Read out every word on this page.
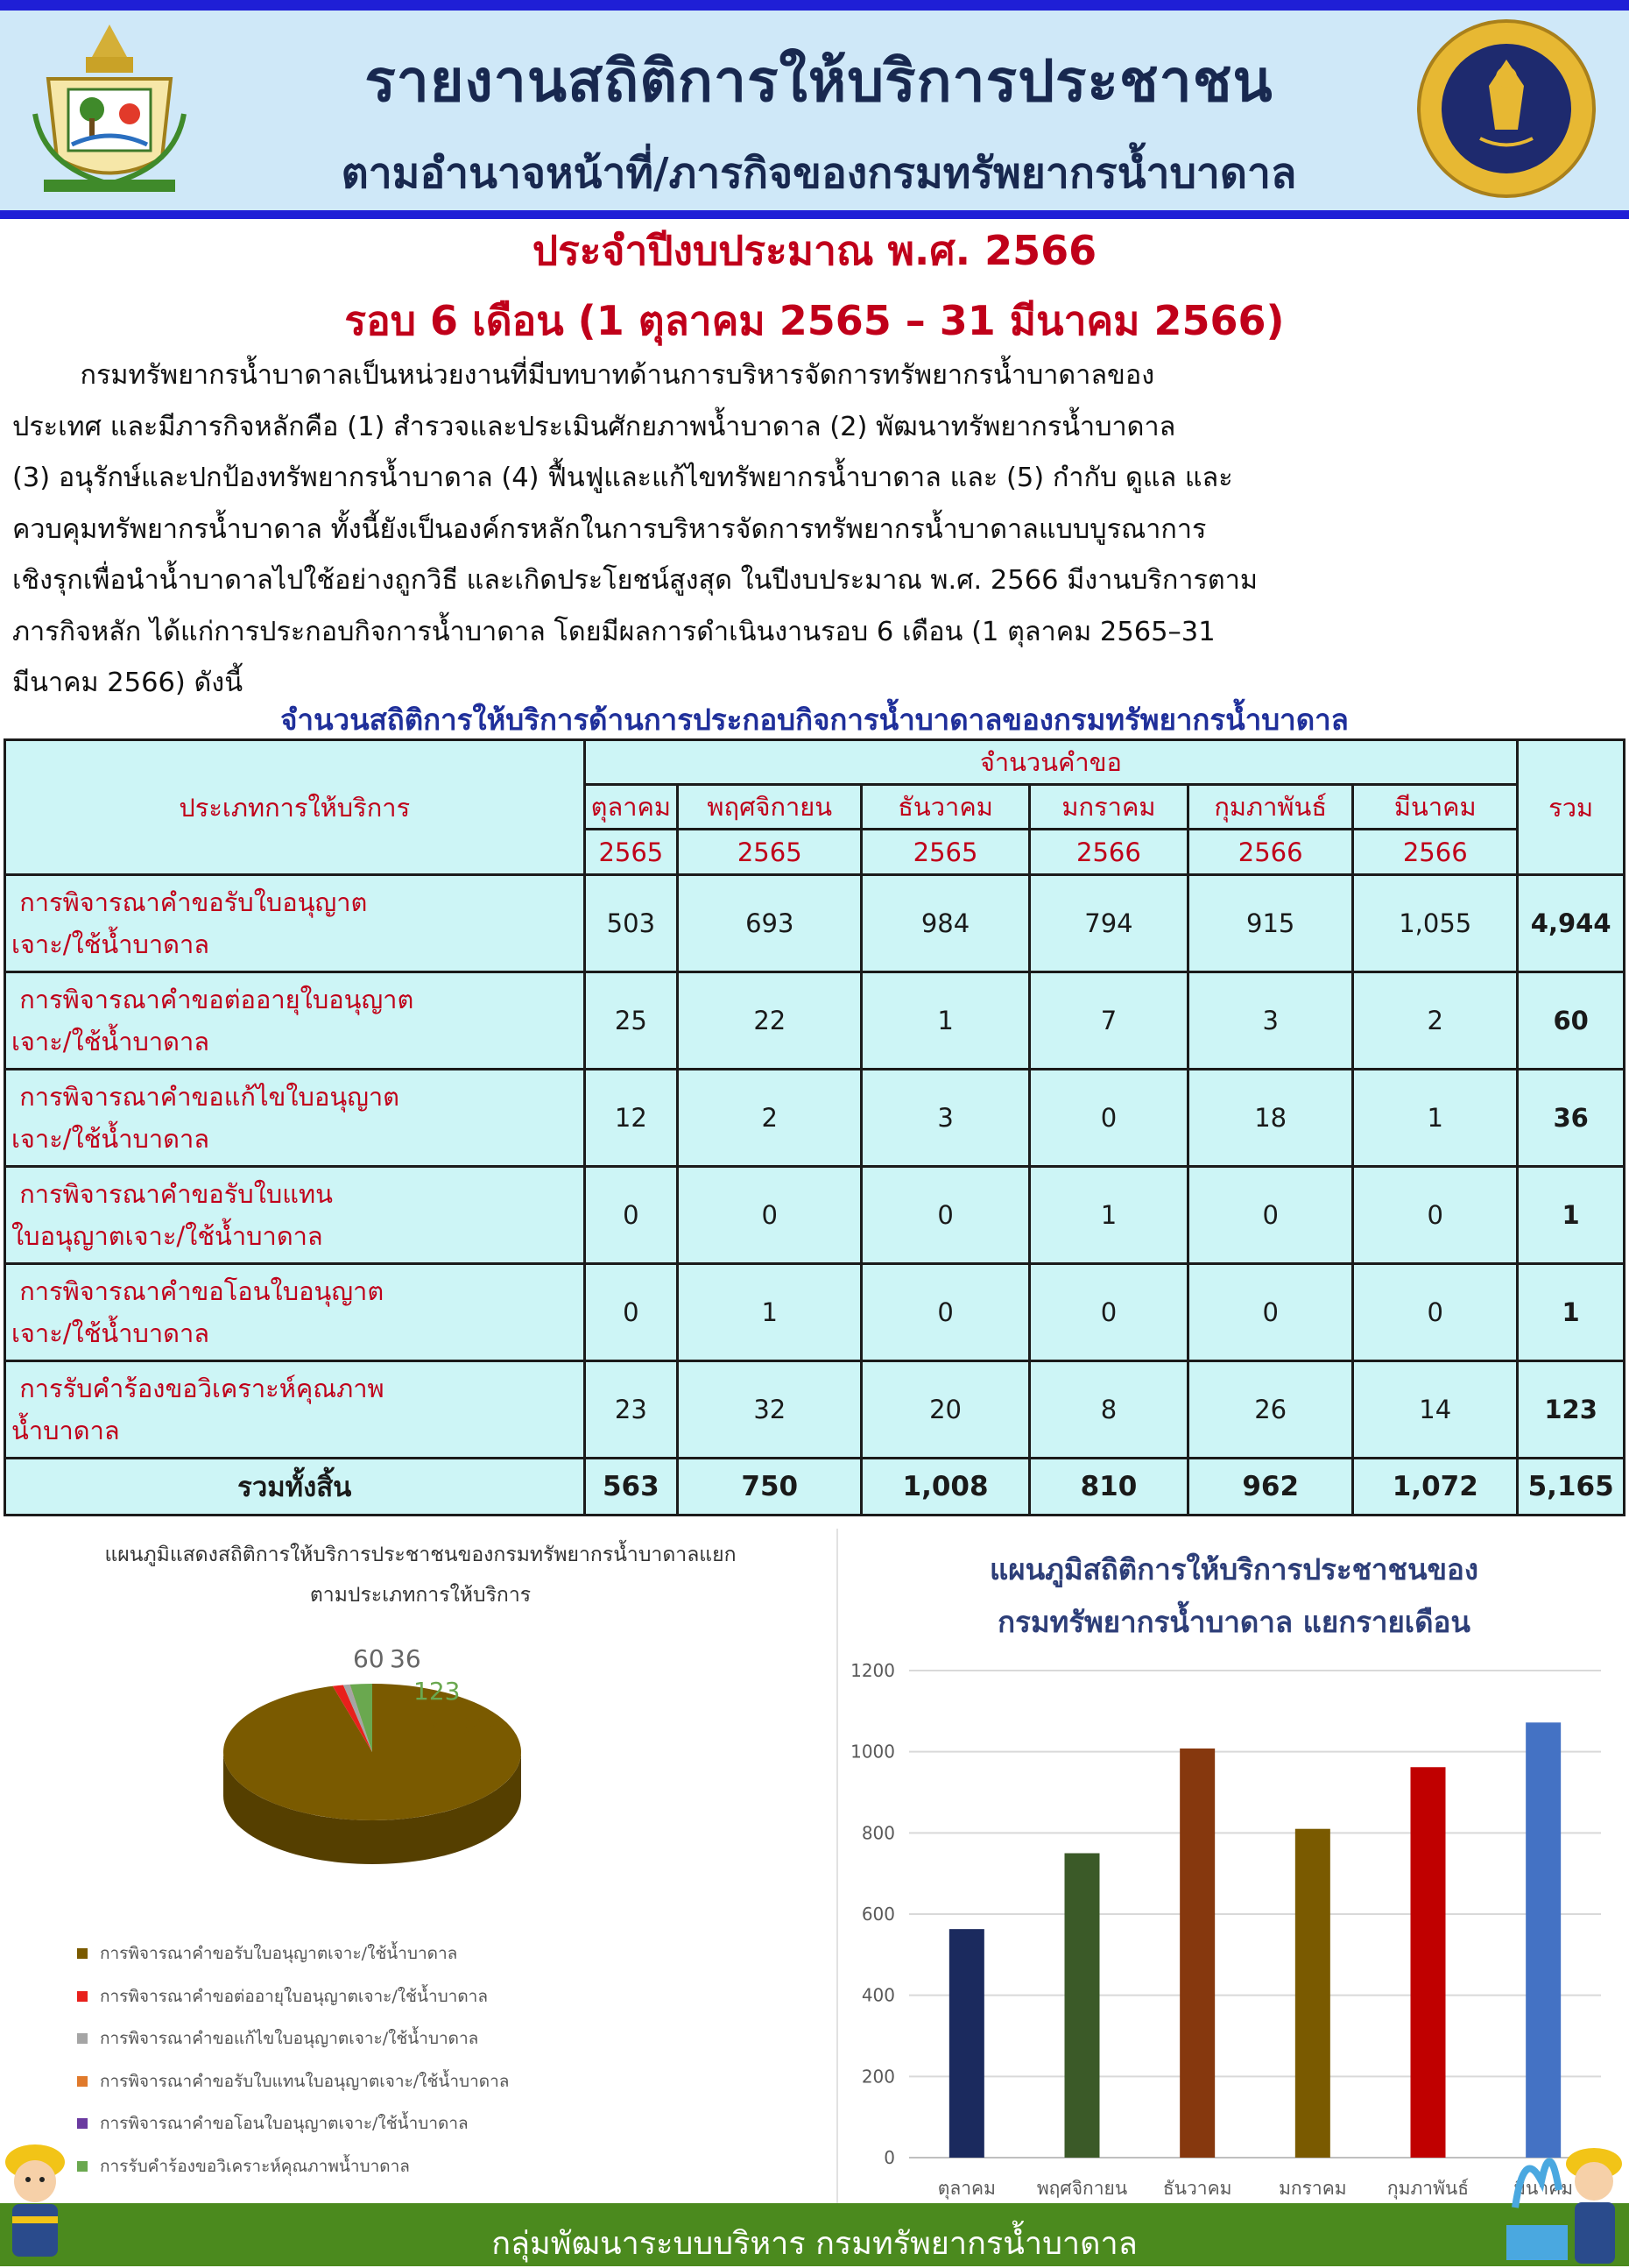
รายงานสถิติการให้บริการประชาชน
ตามอำนาจหน้าที่/ภารกิจของกรมทรัพยากรน้ำบาดาล
ประจำปีงบประมาณ พ.ศ. 2566
รอบ 6 เดือน (1 ตุลาคม 2565 – 31 มีนาคม 2566)
กรมทรัพยากรน้ำบาดาลเป็นหน่วยงานที่มีบทบาทด้านการบริหารจัดการทรัพยากรน้ำบาดาลของ
ประเทศ และมีภารกิจหลักคือ (1) สำรวจและประเมินศักยภาพน้ำบาดาล (2) พัฒนาทรัพยากรน้ำบาดาล
(3) อนุรักษ์และปกป้องทรัพยากรน้ำบาดาล (4) ฟื้นฟูและแก้ไขทรัพยากรน้ำบาดาล และ (5) กำกับ ดูแล และ
ควบคุมทรัพยากรน้ำบาดาล ทั้งนี้ยังเป็นองค์กรหลักในการบริหารจัดการทรัพยากรน้ำบาดาลแบบบูรณาการ
เชิงรุกเพื่อนำน้ำบาดาลไปใช้อย่างถูกวิธี และเกิดประโยชน์สูงสุด ในปีงบประมาณ พ.ศ. 2566 มีงานบริการตาม
ภารกิจหลัก ได้แก่การประกอบกิจการน้ำบาดาล โดยมีผลการดำเนินงานรอบ 6 เดือน (1 ตุลาคม 2565–31
มีนาคม 2566) ดังนี้
จำนวนสถิติการให้บริการด้านการประกอบกิจการน้ำบาดาลของกรมทรัพยากรน้ำบาดาล
ประเภทการให้บริการ	จำนวนคำขอ						รวม
	ตุลาคม	พฤศจิกายน	ธันวาคม	มกราคม	กุมภาพันธ์	มีนาคม	
	2565	2565	2565	2566	2566	2566	

การพิจารณาคำขอรับใบอนุญาต
เจาะ/ใช้น้ำบาดาล	503	693	984	794	915	1,055	4,944

การพิจารณาคำขอต่ออายุใบอนุญาต
เจาะ/ใช้น้ำบาดาล	25	22	1	7	3	2	60

การพิจารณาคำขอแก้ไขใบอนุญาต
เจาะ/ใช้น้ำบาดาล	12	2	3	0	18	1	36

การพิจารณาคำขอรับใบแทน
ใบอนุญาตเจาะ/ใช้น้ำบาดาล	0	0	0	1	0	0	1

การพิจารณาคำขอโอนใบอนุญาต
เจาะ/ใช้น้ำบาดาล	0	1	0	0	0	0	1

การรับคำร้องขอวิเคราะห์คุณภาพ
น้ำบาดาล	23	32	20	8	26	14	123
รวมทั้งสิ้น	563	750	1,008	810	962	1,072	5,165
แผนภูมิแสดงสถิติการให้บริการประชาชนของกรมทรัพยากรน้ำบาดาลแยก
ตามประเภทการให้บริการ
4,944
60 36
123
การพิจารณาคำขอรับใบอนุญาตเจาะ/ใช้น้ำบาดาล
การพิจารณาคำขอต่ออายุใบอนุญาตเจาะ/ใช้น้ำบาดาล
การพิจารณาคำขอแก้ไขใบอนุญาตเจาะ/ใช้น้ำบาดาล
การพิจารณาคำขอรับใบแทนใบอนุญาตเจาะ/ใช้น้ำบาดาล
การพิจารณาคำขอโอนใบอนุญาตเจาะ/ใช้น้ำบาดาล
การรับคำร้องขอวิเคราะห์คุณภาพน้ำบาดาล
แผนภูมิสถิติการให้บริการประชาชนของ
กรมทรัพยากรน้ำบาดาล แยกรายเดือน
0
200
400
600
800
1000
1200
ตุลาคม พฤศจิกายน ธันวาคม	มกราคม กุมภาพันธ์ มีนาคม
กลุ่มพัฒนาระบบบริหาร กรมทรัพยากรน้ำบาดาล
